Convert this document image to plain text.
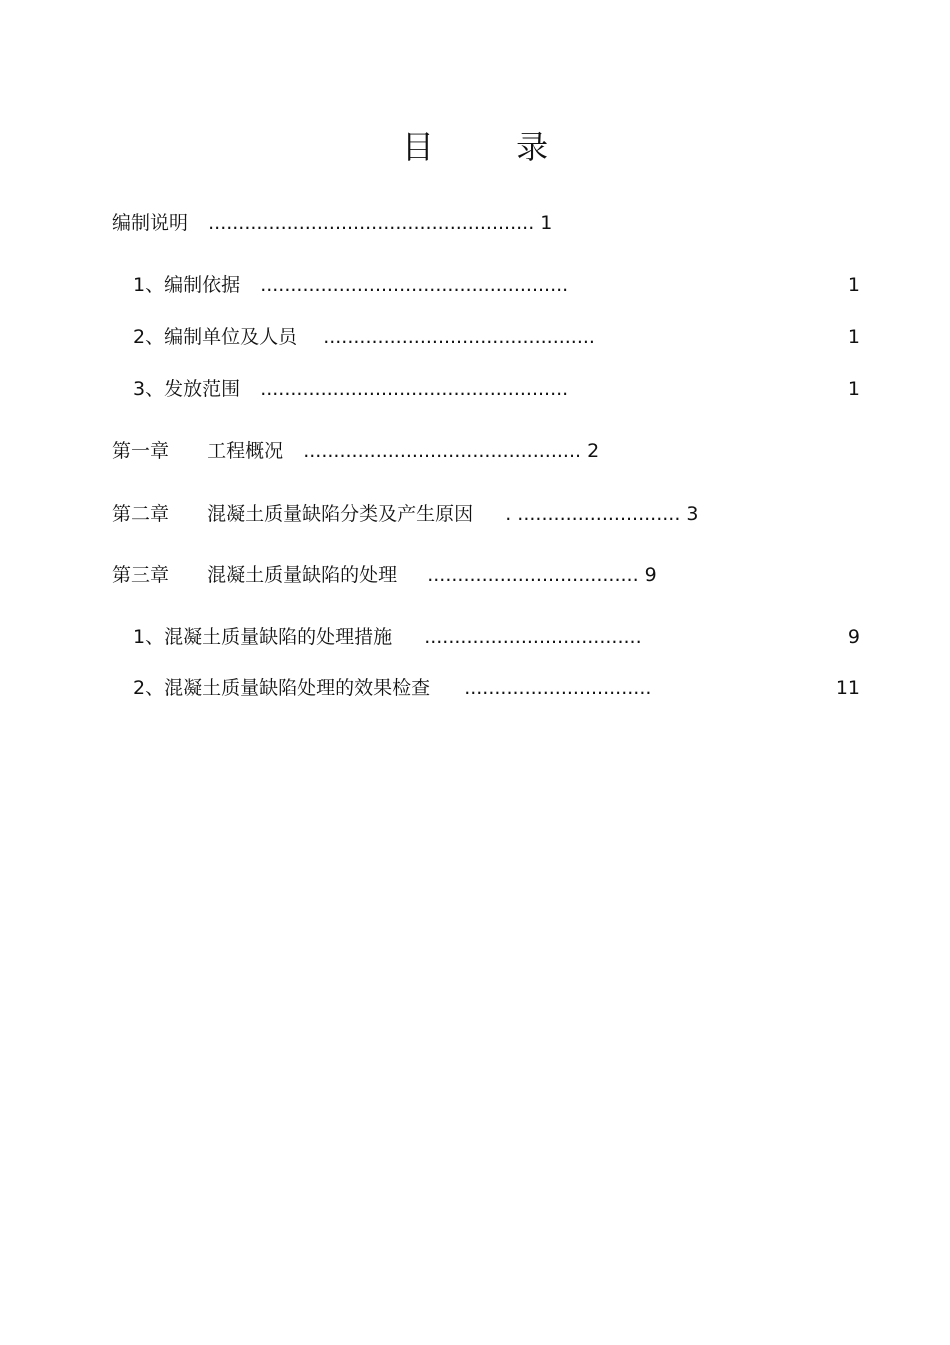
目 录
编制说明 ...................................................... 1
1、编制依据 ...................................................	1
2、编制单位及人员 .............................................	1
3、发放范围 ...................................................	1
第一章 工程概况 .............................................. 2
第二章 混凝土质量缺陷分类及产生原因 . ........................... 3
第三章 混凝土质量缺陷的处理 ................................... 9
1、混凝土质量缺陷的处理措施 ....................................	9
2、混凝土质量缺陷处理的效果检查 ...............................	11
